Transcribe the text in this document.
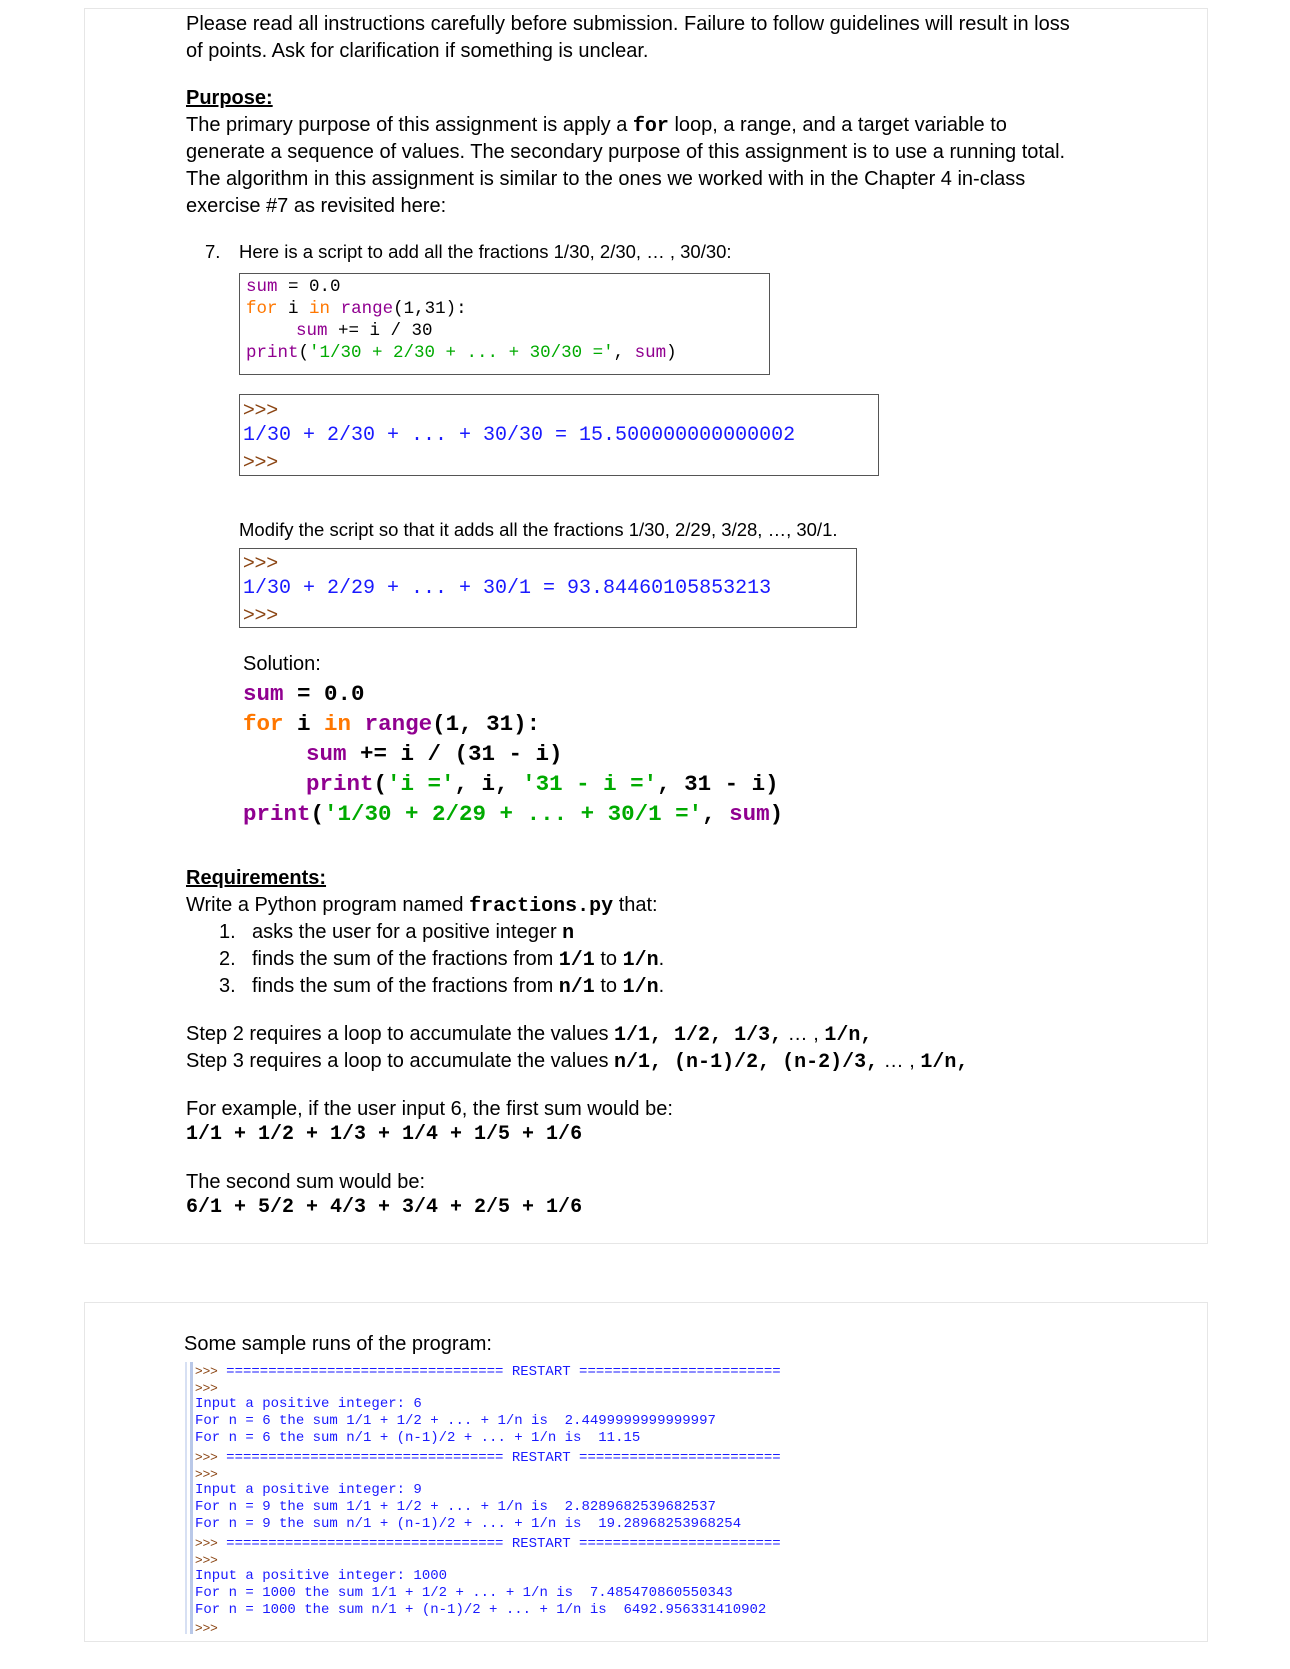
Please read all instructions carefully before submission. Failure to follow guidelines will result in loss
of points. Ask for clarification if something is unclear.
Purpose:
The primary purpose of this assignment is apply a for loop, a range, and a target variable to
generate a sequence of values. The secondary purpose of this assignment is to use a running total.
The algorithm in this assignment is similar to the ones we worked with in the Chapter 4 in-class
exercise #7 as revisited here:
7. Here is a script to add all the fractions 1/30, 2/30, … , 30/30:
sum = 0.0
for i in range(1,31):
sum += i / 30
print('1/30 + 2/30 + ... + 30/30 =', sum)
>>>
1/30 + 2/30 + ... + 30/30 = 15.500000000000002
>>>
Modify the script so that it adds all the fractions 1/30, 2/29, 3/28, …, 30/1.
>>>
1/30 + 2/29 + ... + 30/1 = 93.84460105853213
>>>
Solution:
sum = 0.0
for i in range(1, 31):
sum += i / (31 - i)
print('i =', i, '31 - i =', 31 - i)
print('1/30 + 2/29 + ... + 30/1 =', sum)
Requirements:
Write a Python program named fractions.py that:
1. asks the user for a positive integer n
2. finds the sum of the fractions from 1/1 to 1/n.
3. finds the sum of the fractions from n/1 to 1/n.
Step 2 requires a loop to accumulate the values 1/1, 1/2, 1/3, … , 1/n,
Step 3 requires a loop to accumulate the values n/1, (n-1)/2, (n-2)/3, … , 1/n,
For example, if the user input 6, the first sum would be:
1/1 + 1/2 + 1/3 + 1/4 + 1/5 + 1/6
The second sum would be:
6/1 + 5/2 + 4/3 + 3/4 + 2/5 + 1/6
Some sample runs of the program:
>>> ================================= RESTART ========================
>>>
Input a positive integer: 6
For n = 6 the sum 1/1 + 1/2 + ... + 1/n is  2.4499999999999997
For n = 6 the sum n/1 + (n-1)/2 + ... + 1/n is  11.15
>>> ================================= RESTART ========================
>>>
Input a positive integer: 9
For n = 9 the sum 1/1 + 1/2 + ... + 1/n is  2.8289682539682537
For n = 9 the sum n/1 + (n-1)/2 + ... + 1/n is  19.28968253968254
>>> ================================= RESTART ========================
>>>
Input a positive integer: 1000
For n = 1000 the sum 1/1 + 1/2 + ... + 1/n is  7.485470860550343
For n = 1000 the sum n/1 + (n-1)/2 + ... + 1/n is  6492.956331410902
>>>
